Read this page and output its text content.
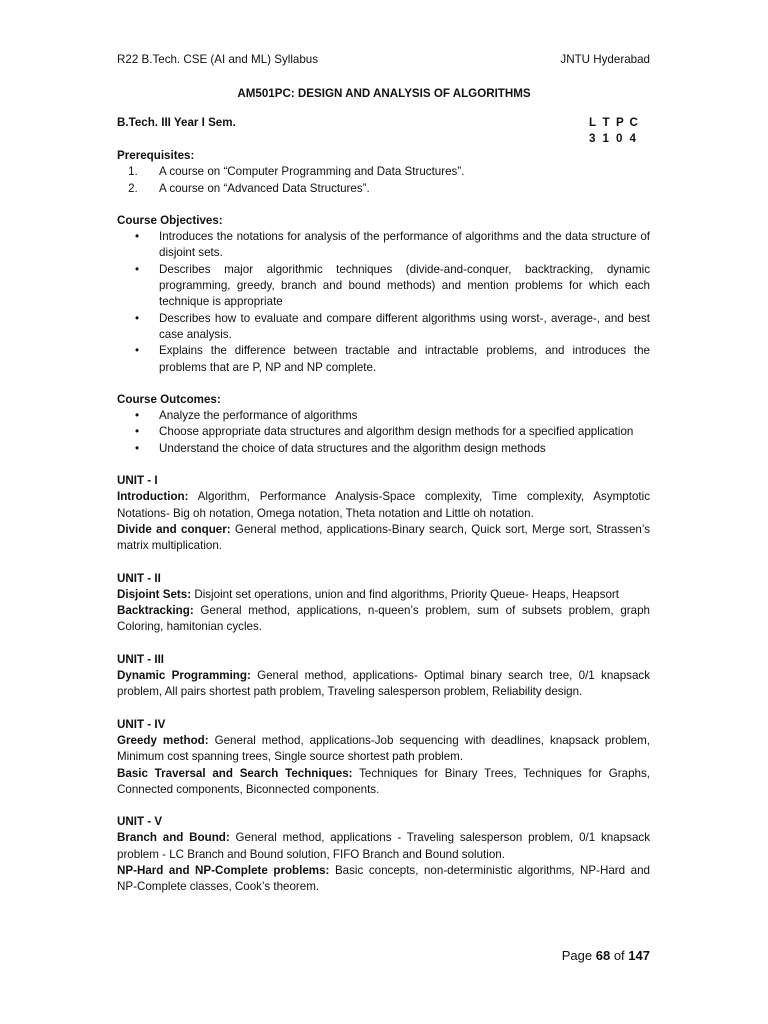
R22 B.Tech. CSE (AI and ML) Syllabus	JNTU Hyderabad
AM501PC: DESIGN AND ANALYSIS OF ALGORITHMS
B.Tech. III Year I Sem.	L T P C
3 1 0 4
Prerequisites:
1. A course on “Computer Programming and Data Structures”.
2. A course on “Advanced Data Structures”.
Course Objectives:
• Introduces the notations for analysis of the performance of algorithms and the data structure of disjoint sets.
• Describes major algorithmic techniques (divide-and-conquer, backtracking, dynamic programming, greedy, branch and bound methods) and mention problems for which each technique is appropriate
• Describes how to evaluate and compare different algorithms using worst-, average-, and best case analysis.
• Explains the difference between tractable and intractable problems, and introduces the problems that are P, NP and NP complete.
Course Outcomes:
• Analyze the performance of algorithms
• Choose appropriate data structures and algorithm design methods for a specified application
• Understand the choice of data structures and the algorithm design methods
UNIT - I

Introduction: Algorithm, Performance Analysis-Space complexity, Time complexity, Asymptotic Notations- Big oh notation, Omega notation, Theta notation and Little oh notation.

Divide and conquer: General method, applications-Binary search, Quick sort, Merge sort, Strassen’s matrix multiplication.

UNIT - II

Disjoint Sets: Disjoint set operations, union and find algorithms, Priority Queue- Heaps, Heapsort

Backtracking: General method, applications, n-queen’s problem, sum of subsets problem, graph Coloring, hamitonian cycles.

UNIT - III

Dynamic Programming: General method, applications- Optimal binary search tree, 0/1 knapsack problem, All pairs shortest path problem, Traveling salesperson problem, Reliability design.

UNIT - IV

Greedy method: General method, applications-Job sequencing with deadlines, knapsack problem, Minimum cost spanning trees, Single source shortest path problem.

Basic Traversal and Search Techniques: Techniques for Binary Trees, Techniques for Graphs, Connected components, Biconnected components.

UNIT - V

Branch and Bound: General method, applications - Traveling salesperson problem, 0/1 knapsack problem - LC Branch and Bound solution, FIFO Branch and Bound solution.

NP-Hard and NP-Complete problems: Basic concepts, non-deterministic algorithms, NP-Hard and NP-Complete classes, Cook’s theorem.

Page 68 of 147
